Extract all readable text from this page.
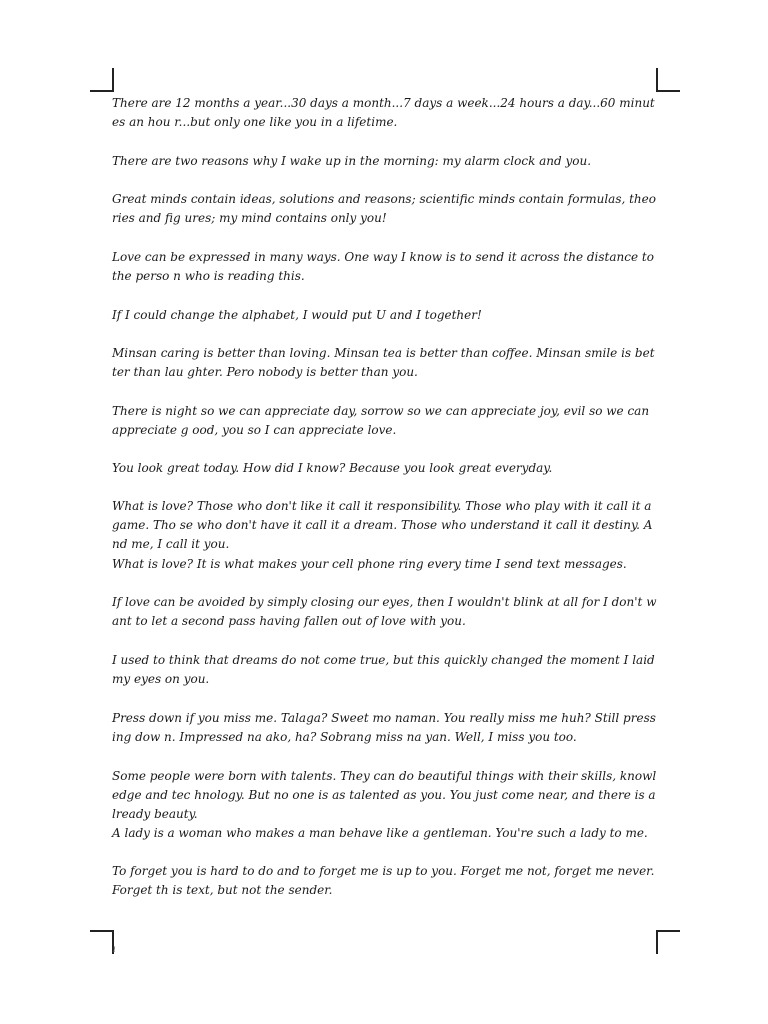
There are 12 months a year...30 days a month...7 days a week...24 hours a day...60 minutes an hou r...but only one like you in a lifetime.

There are two reasons why I wake up in the morning: my alarm clock and you.

Great minds contain ideas, solutions and reasons; scientific minds contain formulas, theories and fig ures; my mind contains only you!

Love can be expressed in many ways. One way I know is to send it across the distance to the perso n who is reading this.

If I could change the alphabet, I would put U and I together!

Minsan caring is better than loving. Minsan tea is better than coffee. Minsan smile is better than lau ghter. Pero nobody is better than you.

There is night so we can appreciate day, sorrow so we can appreciate joy, evil so we can appreciate g ood, you so I can appreciate love.

You look great today. How did I know? Because you look great everyday.

What is love? Those who don't like it call it responsibility. Those who play with it call it a game. Tho se who don't have it call it a dream. Those who understand it call it destiny. And me, I call it you.

What is love? It is what makes your cell phone ring every time I send text messages.

If love can be avoided by simply closing our eyes, then I wouldn't blink at all for I don't want to let a second pass having fallen out of love with you.

I used to think that dreams do not come true, but this quickly changed the moment I laid my eyes on you.

Press down if you miss me. Talaga? Sweet mo naman. You really miss me huh? Still pressing dow n. Impressed na ako, ha? Sobrang miss na yan. Well, I miss you too.

Some people were born with talents. They can do beautiful things with their skills, knowledge and tec hnology. But no one is as talented as you. You just come near, and there is already beauty.

A lady is a woman who makes a man behave like a gentleman. You're such a lady to me.

To forget you is hard to do and to forget me is up to you. Forget me not, forget me never. Forget th is text, but not the sender.

1
